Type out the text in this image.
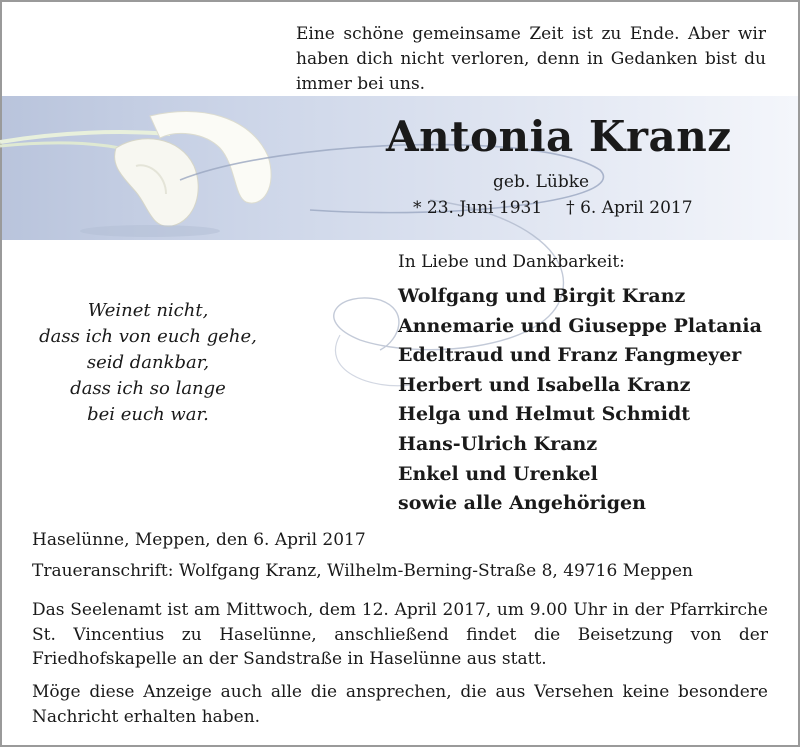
Eine schöne gemeinsame Zeit ist zu Ende. Aber wir haben dich nicht verloren, denn in Gedanken bist du immer bei uns.
Antonia Kranz
geb. Lübke
* 23. Juni 1931 † 6. April 2017
Weinet nicht,
dass ich von euch gehe,
seid dankbar,
dass ich so lange
bei euch war.
In Liebe und Dankbarkeit:
Wolfgang und Birgit Kranz
Annemarie und Giuseppe Platania
Edeltraud und Franz Fangmeyer
Herbert und Isabella Kranz
Helga und Helmut Schmidt
Hans-Ulrich Kranz
Enkel und Urenkel
sowie alle Angehörigen
Haselünne, Meppen, den 6. April 2017
Traueranschrift: Wolfgang Kranz, Wilhelm-Berning-Straße 8, 49716 Meppen
Das Seelenamt ist am Mittwoch, dem 12. April 2017, um 9.00 Uhr in der Pfarrkirche St. Vincentius zu Haselünne, anschließend findet die Beisetzung von der Friedhofskapelle an der Sandstraße in Haselünne aus statt.
Möge diese Anzeige auch alle die ansprechen, die aus Versehen keine besondere Nachricht erhalten haben.
